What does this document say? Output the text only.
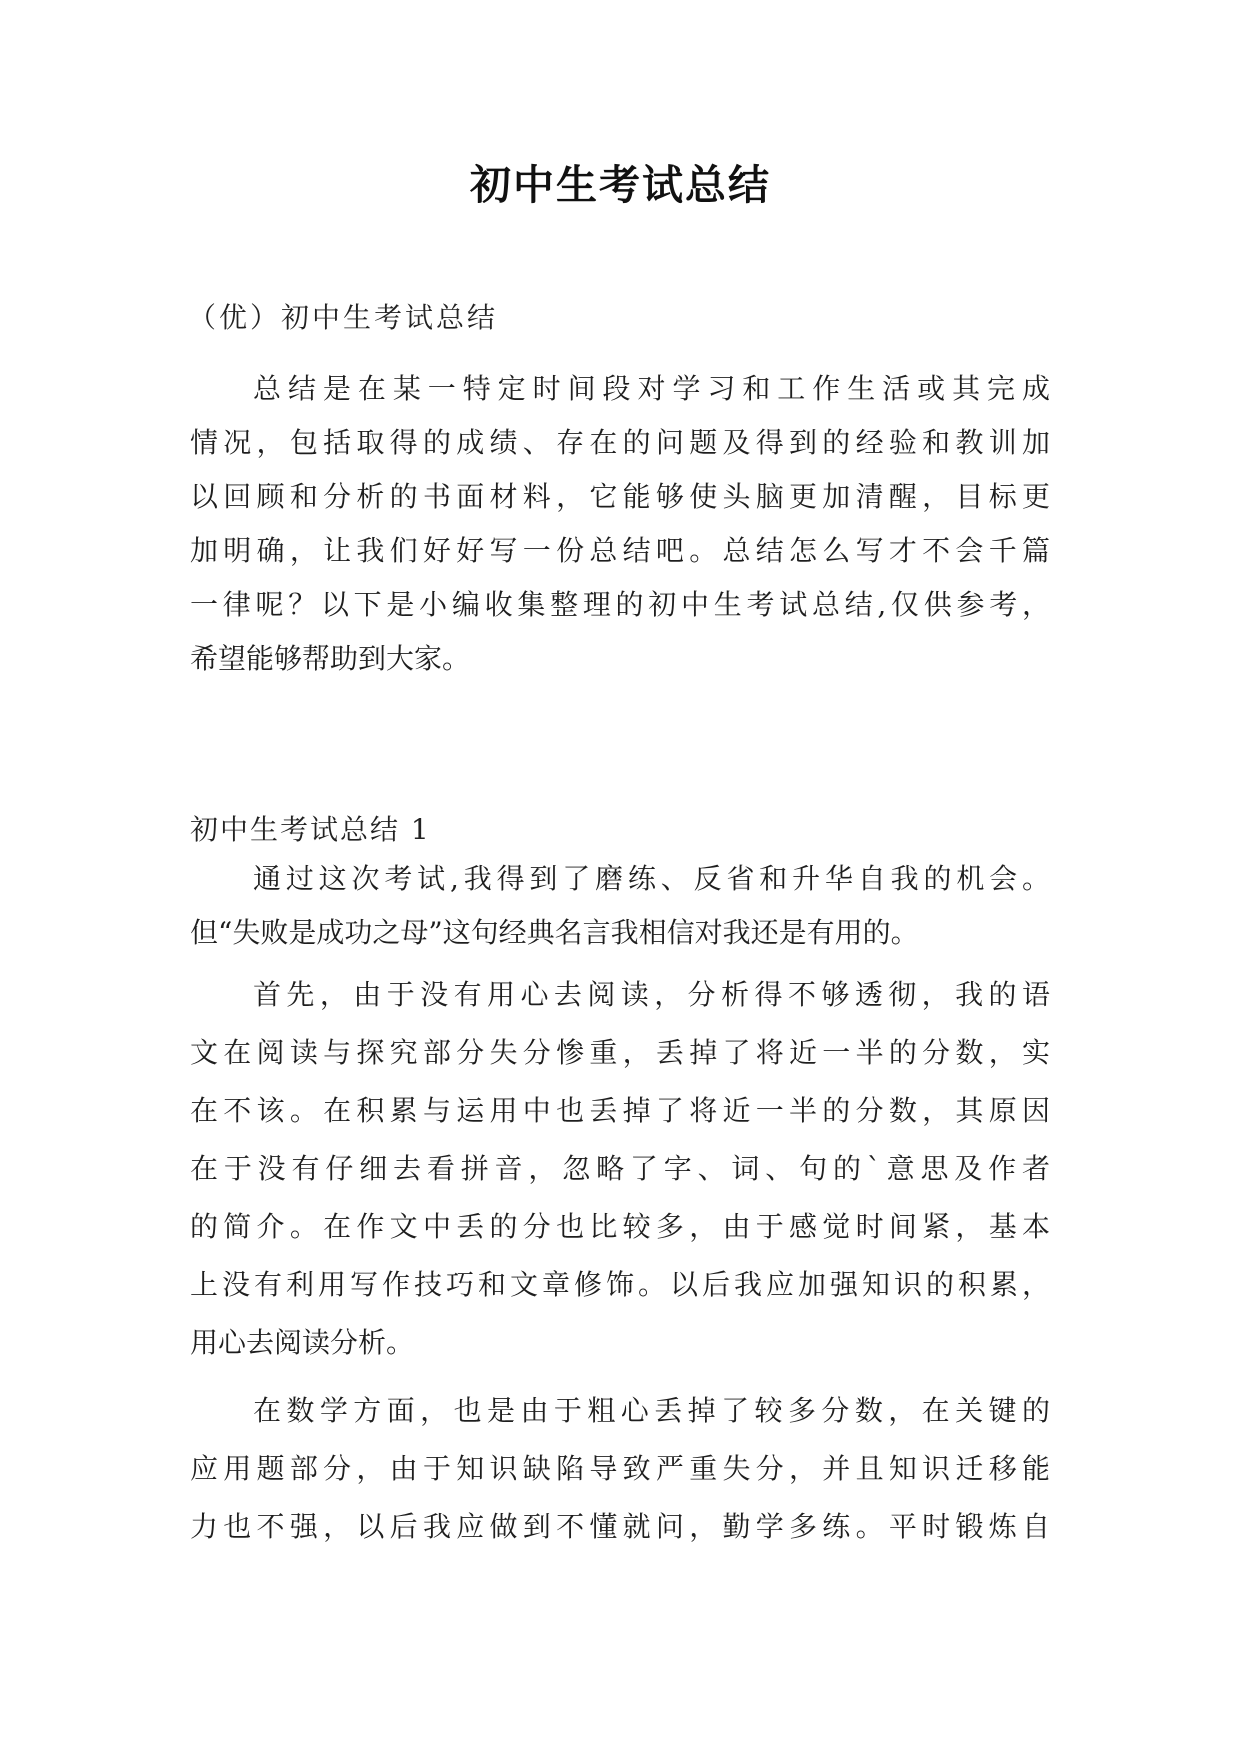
初中生考试总结
（优）初中生考试总结
总结是在某一特定时间段对学习和工作生活或其完成
情况，包括取得的成绩、存在的问题及得到的经验和教训加
以回顾和分析的书面材料，它能够使头脑更加清醒，目标更
加明确，让我们好好写一份总结吧。总结怎么写才不会千篇
一律呢？以下是小编收集整理的初中生考试总结,仅供参考，
希望能够帮助到大家。
初中生考试总结 1
通过这次考试,我得到了磨练、反省和升华自我的机会。
但“失败是成功之母”这句经典名言我相信对我还是有用的。
首先，由于没有用心去阅读，分析得不够透彻，我的语
文在阅读与探究部分失分惨重，丢掉了将近一半的分数，实
在不该。在积累与运用中也丢掉了将近一半的分数，其原因
在于没有仔细去看拼音，忽略了字、词、句的`意思及作者
的简介。在作文中丢的分也比较多，由于感觉时间紧，基本
上没有利用写作技巧和文章修饰。以后我应加强知识的积累，
用心去阅读分析。
在数学方面，也是由于粗心丢掉了较多分数，在关键的
应用题部分，由于知识缺陷导致严重失分，并且知识迁移能
力也不强，以后我应做到不懂就问，勤学多练。平时锻炼自
